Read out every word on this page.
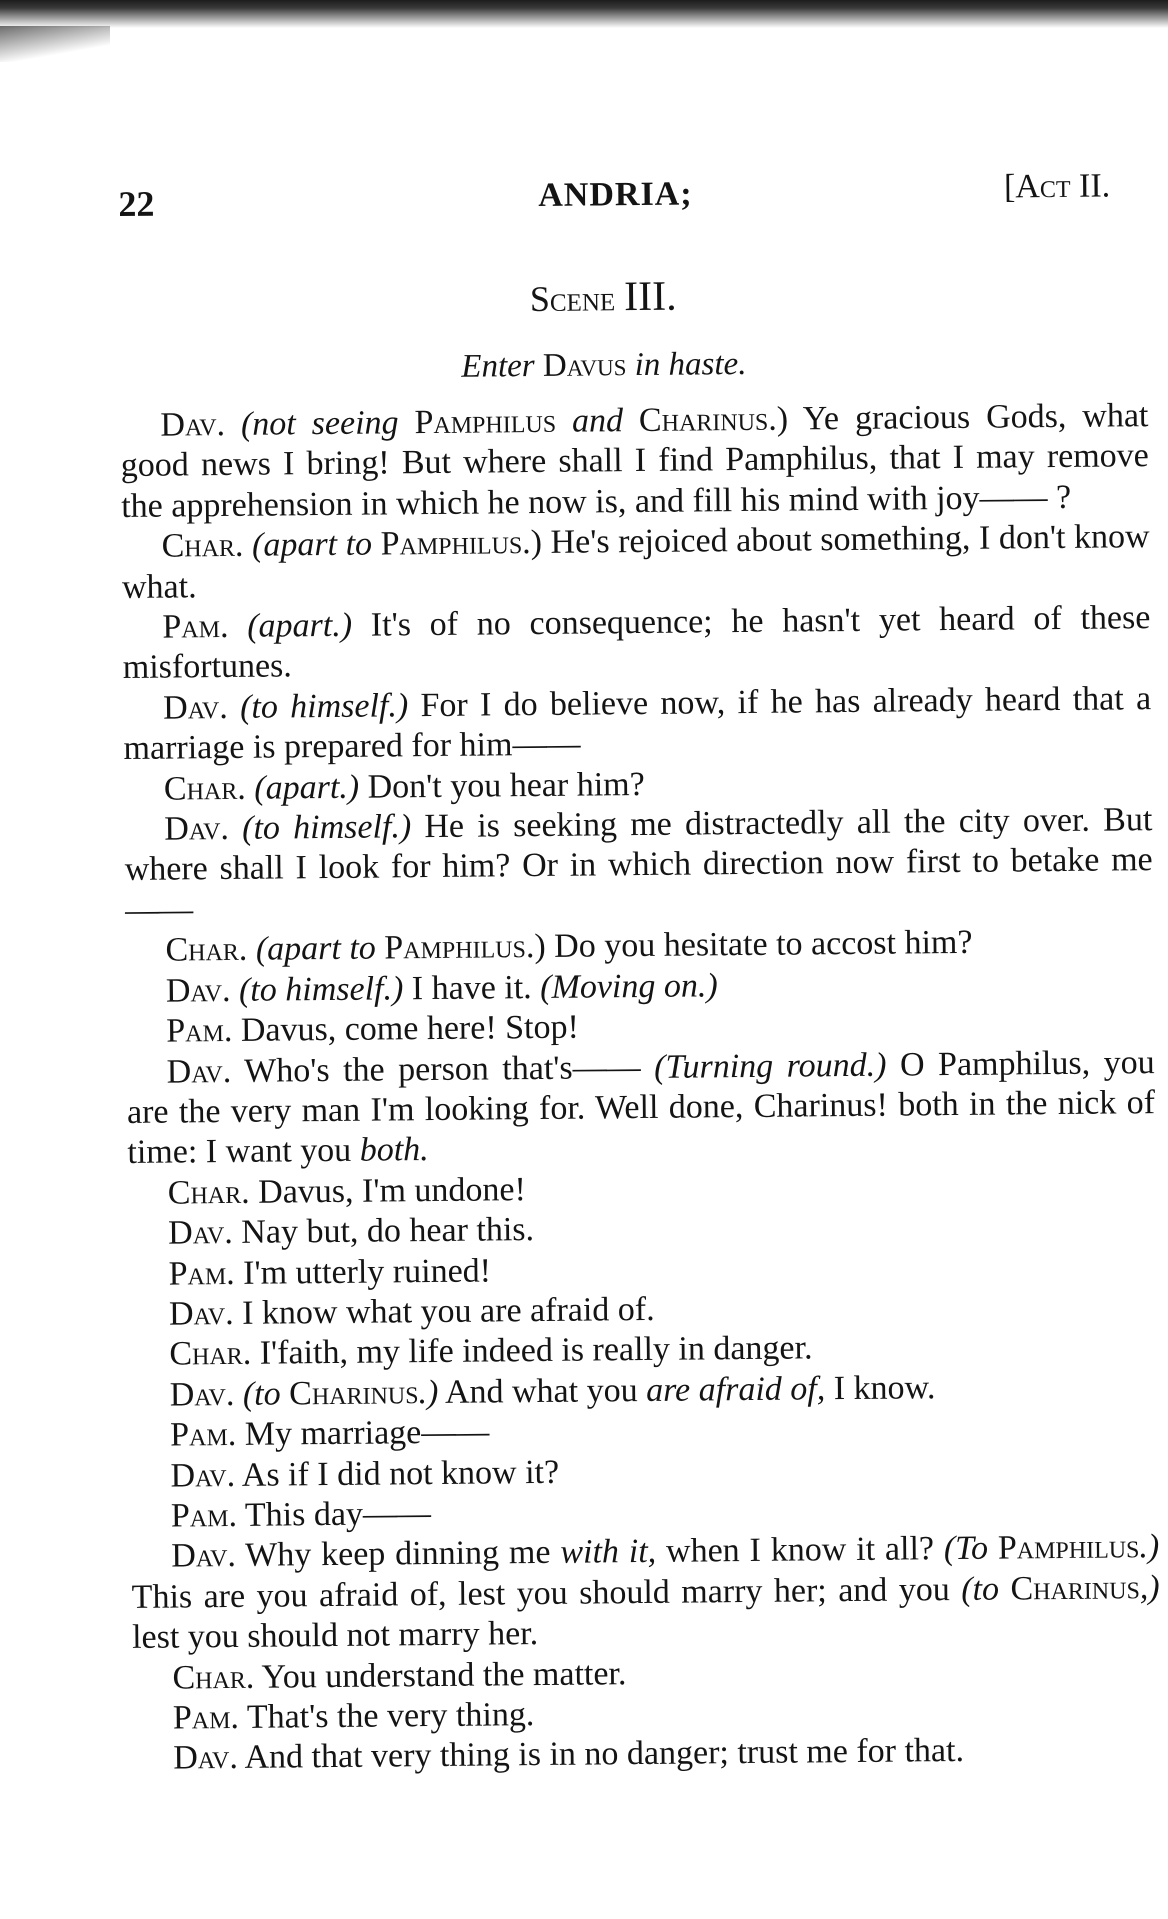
22	ANDRIA;	[Act II.
Scene III.
Enter Davus in haste.

Dav. (not seeing Pamphilus and Charinus.) Ye gracious Gods, what good news I bring! But where shall I find Pamphilus, that I may remove the apprehension in which he now is, and fill his mind with joy—— ?

Char. (apart to Pamphilus.) He's rejoiced about something, I don't know what.

Pam. (apart.) It's of no consequence; he hasn't yet heard of these misfortunes.

Dav. (to himself.) For I do believe now, if he has already heard that a marriage is prepared for him——

Char. (apart.) Don't you hear him?

Dav. (to himself.) He is seeking me distractedly all the city over. But where shall I look for him? Or in which direction now first to betake me——

Char. (apart to Pamphilus.) Do you hesitate to accost him?

Dav. (to himself.) I have it. (Moving on.)

Pam. Davus, come here! Stop!

Dav. Who's the person that's—— (Turning round.) O Pamphilus, you are the very man I'm looking for. Well done, Charinus! both in the nick of time: I want you both.

Char. Davus, I'm undone!

Dav. Nay but, do hear this.

Pam. I'm utterly ruined!

Dav. I know what you are afraid of.

Char. I'faith, my life indeed is really in danger.

Dav. (to Charinus.) And what you are afraid of, I know.

Pam. My marriage——

Dav. As if I did not know it?

Pam. This day——

Dav. Why keep dinning me with it, when I know it all? (To Pamphilus.) This are you afraid of, lest you should marry her; and you (to Charinus,) lest you should not marry her.

Char. You understand the matter.

Pam. That's the very thing.

Dav. And that very thing is in no danger; trust me for that.
